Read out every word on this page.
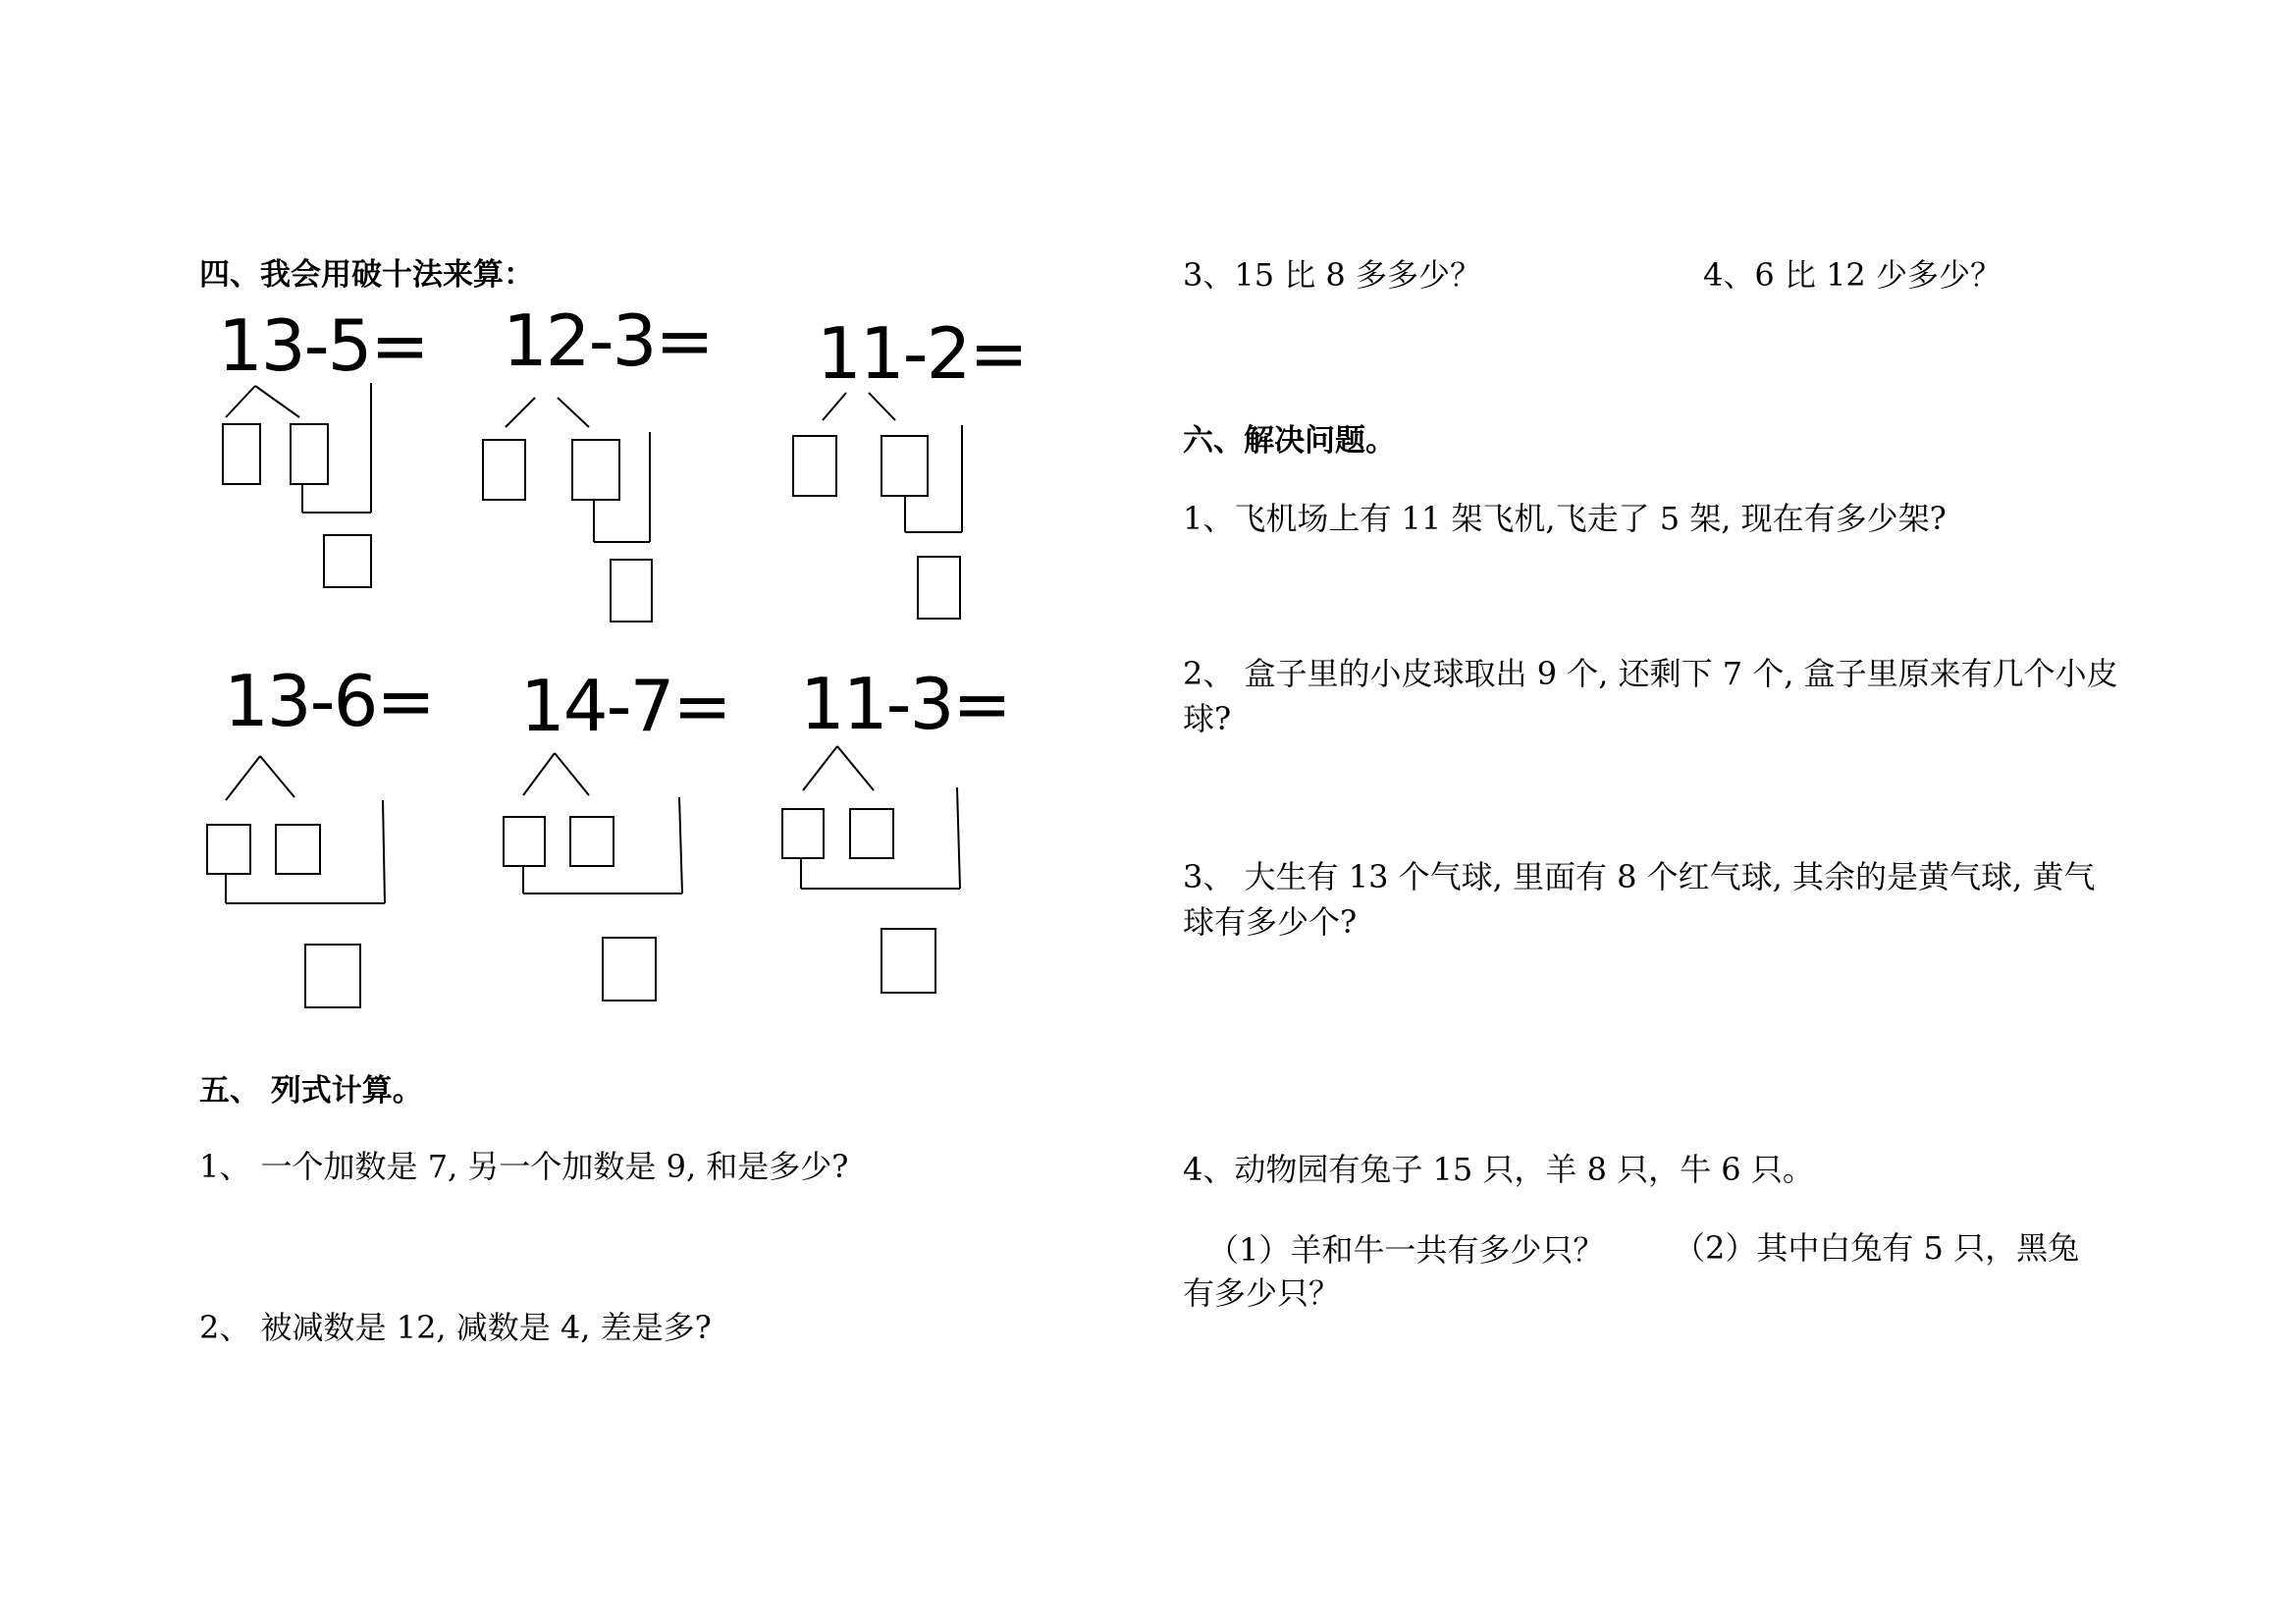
四、我会用破十法来算：
13-5= 12-3= 11-2=
13-6= 14-7= 11-3=
五、 列式计算。
1、 一个加数是 7, 另一个加数是 9, 和是多少?
2、 被减数是 12, 减数是 4, 差是多?
3、15 比 8 多多少？	4、6 比 12 少多少？
六、解决问题。
1、飞机场上有 11 架飞机,飞走了 5 架, 现在有多少架?
2、 盒子里的小皮球取出 9 个, 还剩下 7 个, 盒子里原来有几个小皮球?
3、 大生有 13 个气球, 里面有 8 个红气球, 其余的是黄气球, 黄气球有多少个?
4、动物园有兔子 15 只，羊 8 只，牛 6 只。
（1）羊和牛一共有多少只？	（2）其中白兔有 5 只，黑兔有多少只？
